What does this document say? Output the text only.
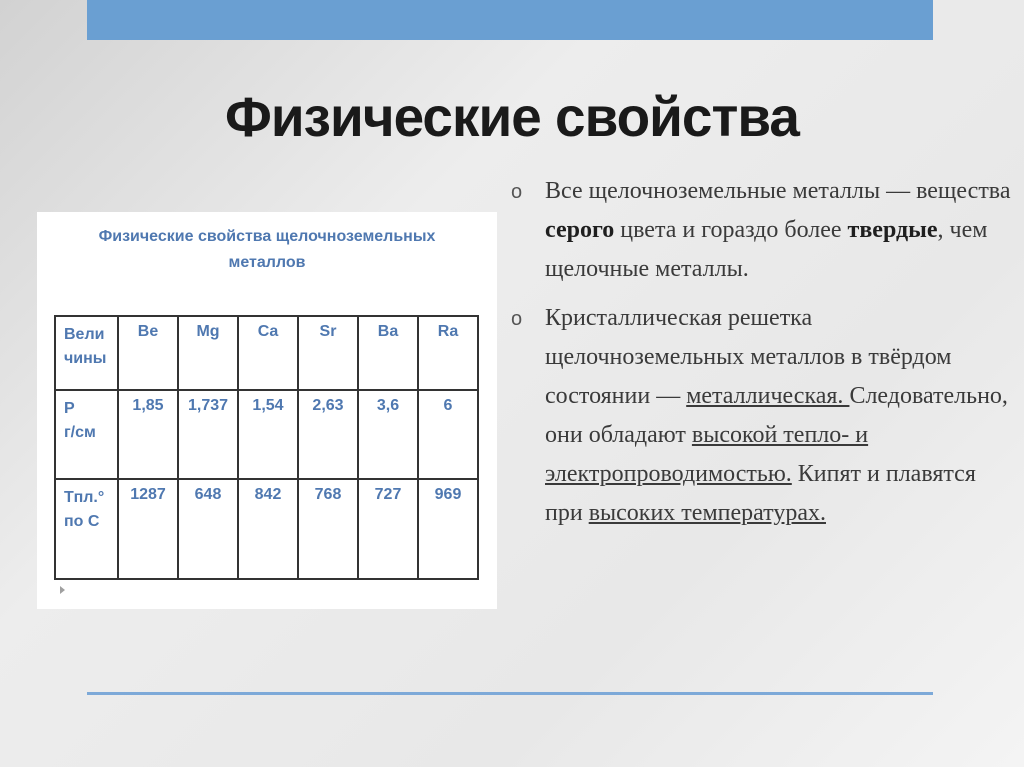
Физические свойства
Физические свойства щелочноземельных
металлов
Вели
чины	Be	Mg	Ca	Sr	Ba	Ra

Р
г/см	1,85	1,737	1,54	2,63	3,6	6

Тпл.°
по С	1287	648	842	768	727	969
o Все щелочноземельные металлы — вещества серого цвета и гораздо более твердые, чем щелочные металлы.
o Кристаллическая решетка щелочноземельных металлов в твёрдом состоянии — металлическая. Следовательно, они обладают высокой тепло- и электропроводимостью. Кипят и плавятся при высоких температурах.
